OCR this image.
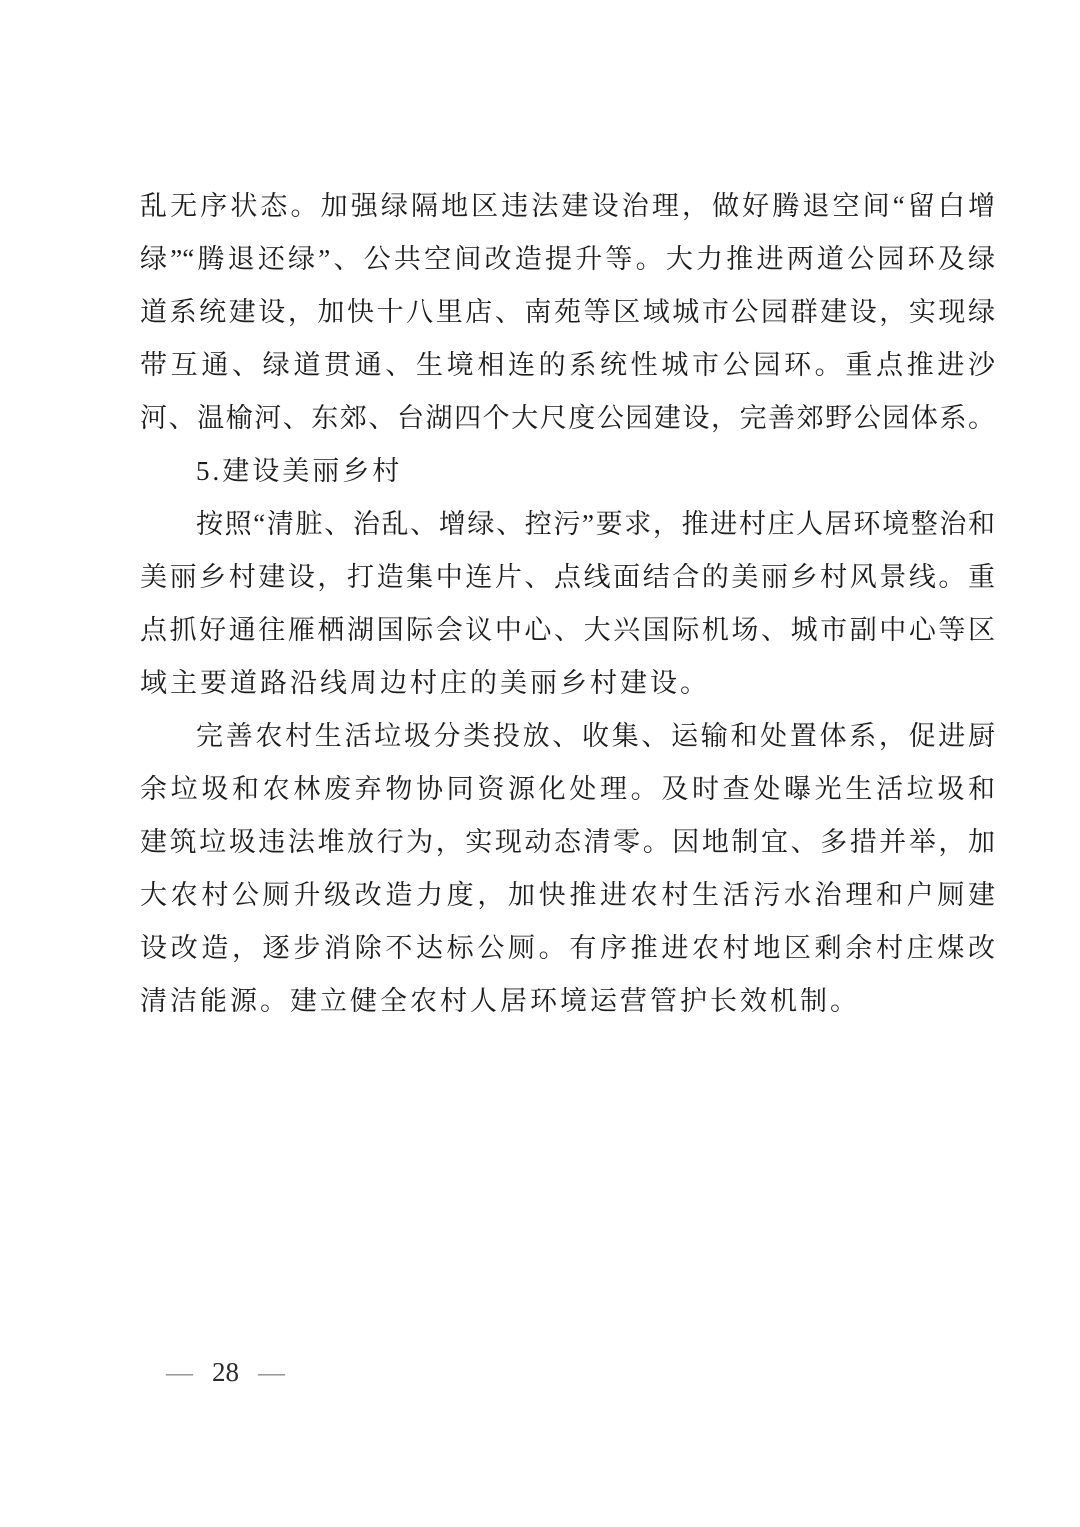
乱无序状态。加强绿隔地区违法建设治理，做好腾退空间“留白增
绿”“腾退还绿”、公共空间改造提升等。大力推进两道公园环及绿
道系统建设，加快十八里店、南苑等区域城市公园群建设，实现绿
带互通、绿道贯通、生境相连的系统性城市公园环。重点推进沙
河、温榆河、东郊、台湖四个大尺度公园建设，完善郊野公园体系。
5.建设美丽乡村
按照“清脏、治乱、增绿、控污”要求，推进村庄人居环境整治和
美丽乡村建设，打造集中连片、点线面结合的美丽乡村风景线。重
点抓好通往雁栖湖国际会议中心、大兴国际机场、城市副中心等区
域主要道路沿线周边村庄的美丽乡村建设。
完善农村生活垃圾分类投放、收集、运输和处置体系，促进厨
余垃圾和农林废弃物协同资源化处理。及时查处曝光生活垃圾和
建筑垃圾违法堆放行为，实现动态清零。因地制宜、多措并举，加
大农村公厕升级改造力度，加快推进农村生活污水治理和户厕建
设改造，逐步消除不达标公厕。有序推进农村地区剩余村庄煤改
清洁能源。建立健全农村人居环境运营管护长效机制。
— 28 —
